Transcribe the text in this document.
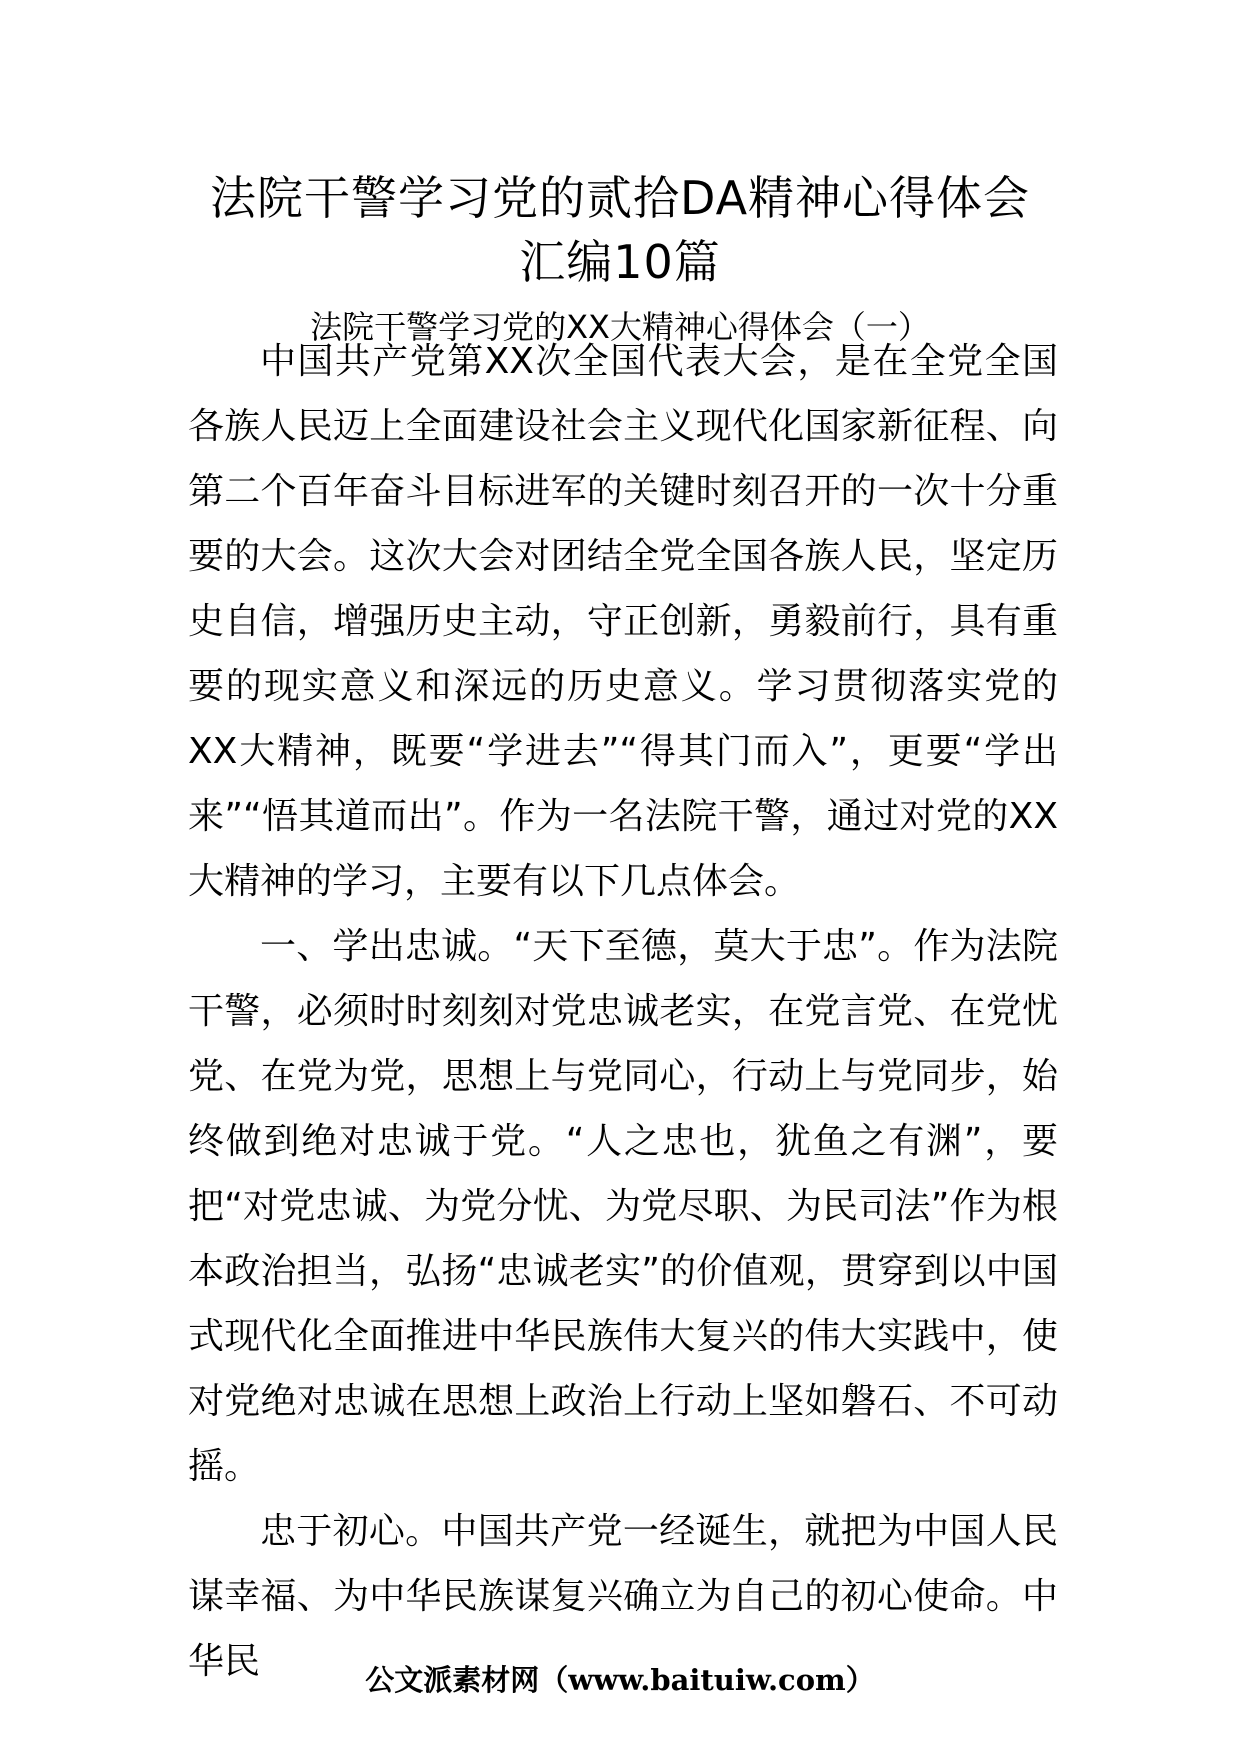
法院干警学习党的贰拾DA精神心得体会
汇编10篇
法院干警学习党的XX大精神心得体会（一）

中国共产党第XX次全国代表大会，是在全党全国各族人民迈上全面建设社会主义现代化国家新征程、向第二个百年奋斗目标进军的关键时刻召开的一次十分重要的大会。这次大会对团结全党全国各族人民，坚定历史自信，增强历史主动，守正创新，勇毅前行，具有重要的现实意义和深远的历史意义。学习贯彻落实党的XX大精神，既要“学进去”“得其门而入”，更要“学出来”“悟其道而出”。作为一名法院干警，通过对党的XX大精神的学习，主要有以下几点体会。

一、学出忠诚。“天下至德，莫大于忠”。作为法院干警，必须时时刻刻对党忠诚老实，在党言党、在党忧党、在党为党，思想上与党同心，行动上与党同步，始终做到绝对忠诚于党。“人之忠也，犹鱼之有渊”，要把“对党忠诚、为党分忧、为党尽职、为民司法”作为根本政治担当，弘扬“忠诚老实”的价值观，贯穿到以中国式现代化全面推进中华民族伟大复兴的伟大实践中，使对党绝对忠诚在思想上政治上行动上坚如磐石、不可动摇。

忠于初心。中国共产党一经诞生，就把为中国人民谋幸福、为中华民族谋复兴确立为自己的初心使命。中华民	公文派素材网（www.baituiw.com）
